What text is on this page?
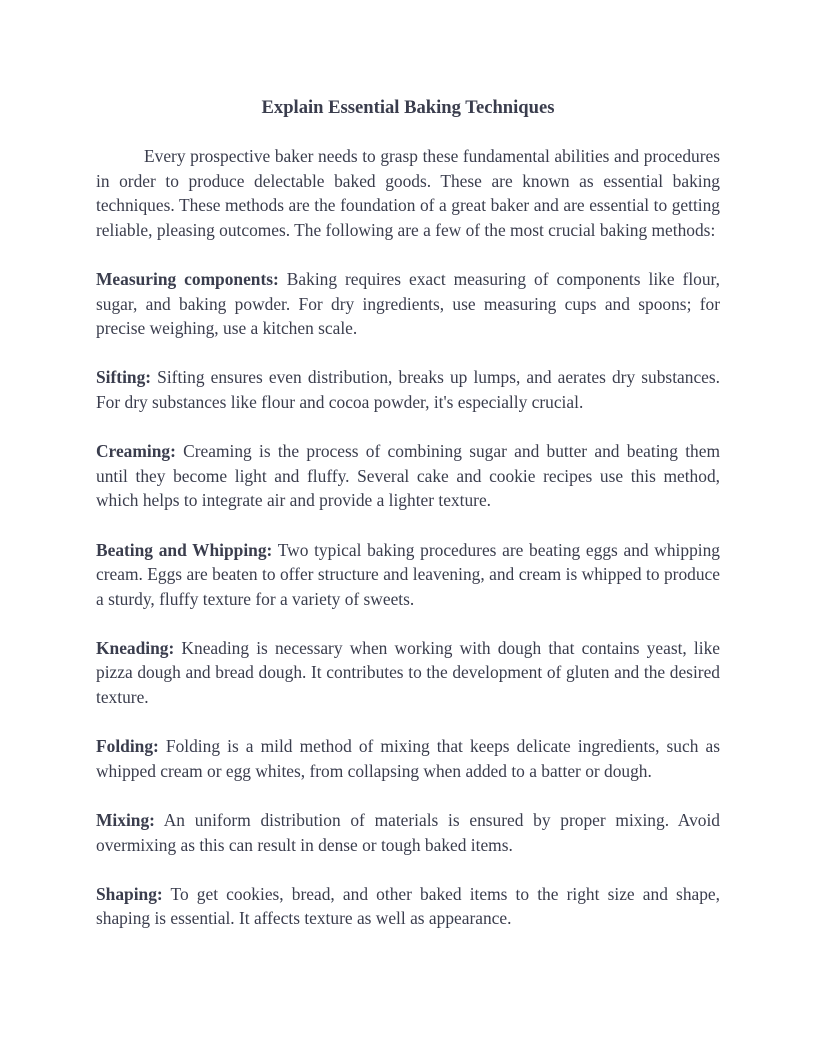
Explain Essential Baking Techniques

Every prospective baker needs to grasp these fundamental abilities and procedures in order to produce delectable baked goods. These are known as essential baking techniques. These methods are the foundation of a great baker and are essential to getting reliable, pleasing outcomes. The following are a few of the most crucial baking methods:

Measuring components: Baking requires exact measuring of components like flour, sugar, and baking powder. For dry ingredients, use measuring cups and spoons; for precise weighing, use a kitchen scale.

Sifting: Sifting ensures even distribution, breaks up lumps, and aerates dry substances. For dry substances like flour and cocoa powder, it's especially crucial.

Creaming: Creaming is the process of combining sugar and butter and beating them until they become light and fluffy. Several cake and cookie recipes use this method, which helps to integrate air and provide a lighter texture.

Beating and Whipping: Two typical baking procedures are beating eggs and whipping cream. Eggs are beaten to offer structure and leavening, and cream is whipped to produce a sturdy, fluffy texture for a variety of sweets.

Kneading: Kneading is necessary when working with dough that contains yeast, like pizza dough and bread dough. It contributes to the development of gluten and the desired texture.

Folding: Folding is a mild method of mixing that keeps delicate ingredients, such as whipped cream or egg whites, from collapsing when added to a batter or dough.

Mixing: An uniform distribution of materials is ensured by proper mixing. Avoid overmixing as this can result in dense or tough baked items.

Shaping: To get cookies, bread, and other baked items to the right size and shape, shaping is essential. It affects texture as well as appearance.
